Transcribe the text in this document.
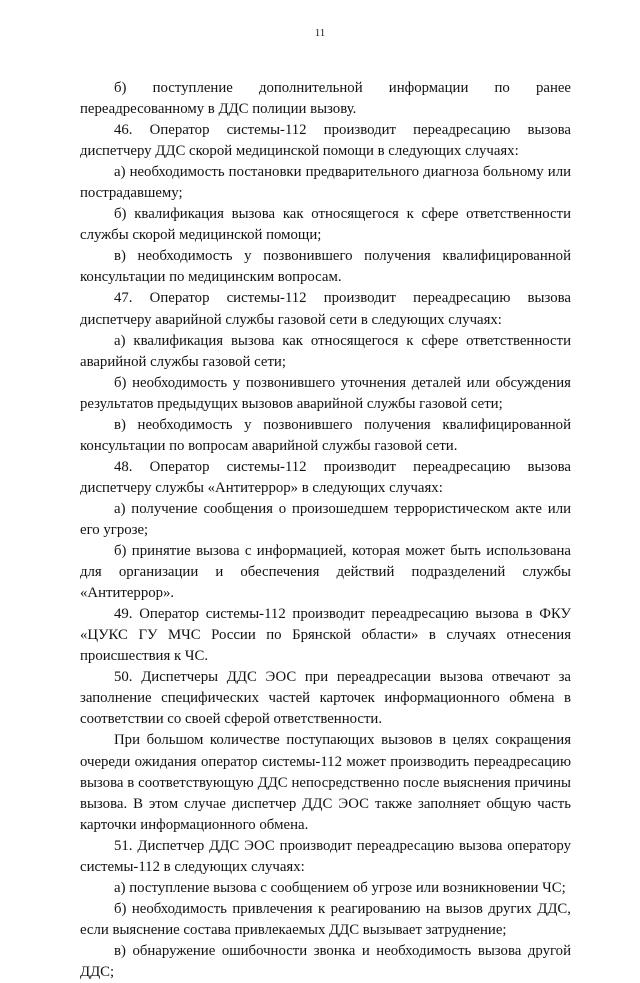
11

б) поступление дополнительной информации по ранее переадресованному в ДДС полиции вызову.

46. Оператор системы-112 производит переадресацию вызова диспетчеру ДДС скорой медицинской помощи в следующих случаях:

а) необходимость постановки предварительного диагноза больному или пострадавшему;

б) квалификация вызова как относящегося к сфере ответственности службы скорой медицинской помощи;

в) необходимость у позвонившего получения квалифицированной консультации по медицинским вопросам.

47. Оператор системы-112 производит переадресацию вызова диспетчеру аварийной службы газовой сети в следующих случаях:

а) квалификация вызова как относящегося к сфере ответственности аварийной службы газовой сети;

б) необходимость у позвонившего уточнения деталей или обсуждения результатов предыдущих вызовов аварийной службы газовой сети;

в) необходимость у позвонившего получения квалифицированной консультации по вопросам аварийной службы газовой сети.

48. Оператор системы-112 производит переадресацию вызова диспетчеру службы «Антитеррор» в следующих случаях:

а) получение сообщения о произошедшем террористическом акте или его угрозе;

б) принятие вызова с информацией, которая может быть использована для организации и обеспечения действий подразделений службы «Антитеррор».

49. Оператор системы-112 производит переадресацию вызова в ФКУ «ЦУКС ГУ МЧС России по Брянской области» в случаях отнесения происшествия к ЧС.

50. Диспетчеры ДДС ЭОС при переадресации вызова отвечают за заполнение специфических частей карточек информационного обмена в соответствии со своей сферой ответственности.

При большом количестве поступающих вызовов в целях сокращения очереди ожидания оператор системы-112 может производить переадресацию вызова в соответствующую ДДС непосредственно после выяснения причины вызова. В этом случае диспетчер ДДС ЭОС также заполняет общую часть карточки информационного обмена.

51. Диспетчер ДДС ЭОС производит переадресацию вызова оператору системы-112 в следующих случаях:

а) поступление вызова с сообщением об угрозе или возникновении ЧС;

б) необходимость привлечения к реагированию на вызов других ДДС, если выяснение состава привлекаемых ДДС вызывает затруднение;

в) обнаружение ошибочности звонка и необходимость вызова другой ДДС;
